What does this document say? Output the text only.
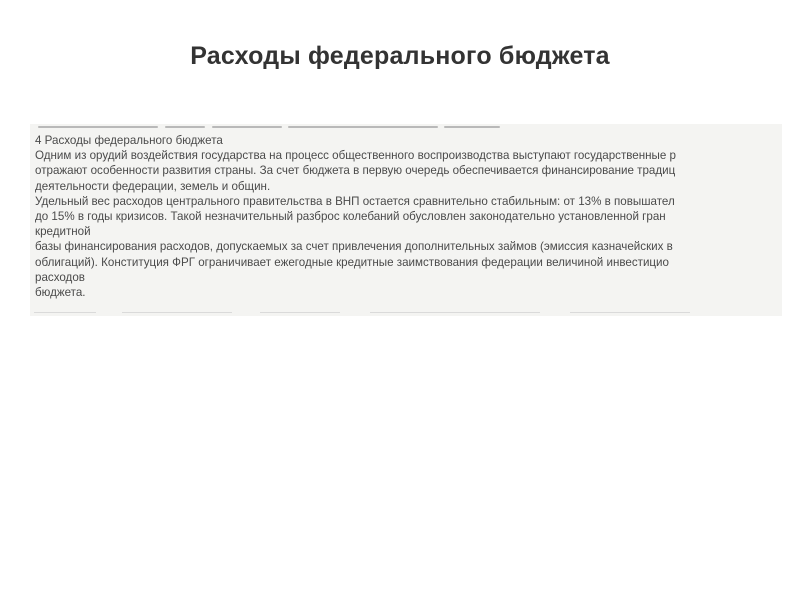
Расходы федерального бюджета
4 Расходы федерального бюджета
Одним из орудий воздействия государства на процесс общественного воспроизводства выступают государственные р
отражают особенности развития страны. За счет бюджета в первую очередь обеспечивается финансирование традиц
деятельности федерации, земель и общин.
Удельный вес расходов центрального правительства в ВНП остается сравнительно стабильным: от 13% в повышател
до 15% в годы кризисов. Такой незначительный разброс колебаний обусловлен законодательно установленной гран
кредитной
базы финансирования расходов, допускаемых за счет привлечения дополнительных займов (эмиссия казначейских в
облигаций). Конституция ФРГ ограничивает ежегодные кредитные заимствования федерации величиной инвестицио
расходов
бюджета.
